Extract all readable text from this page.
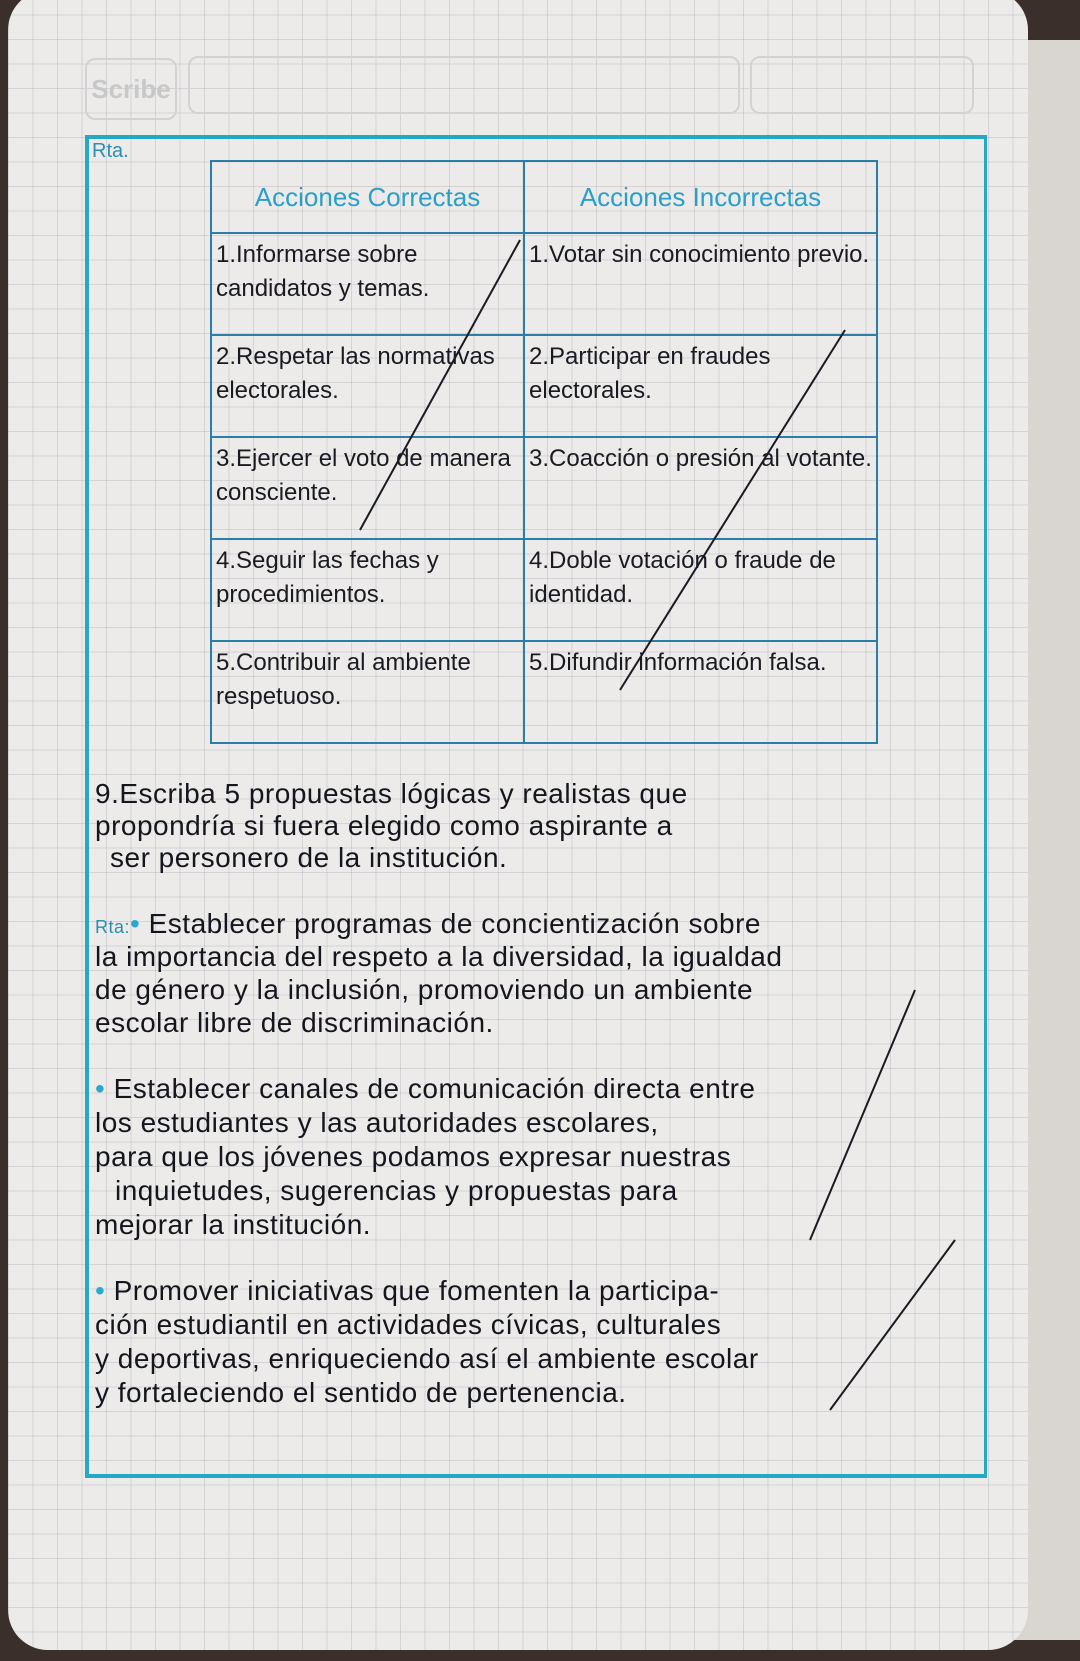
Scribe
Rta.
Acciones Correctas	Acciones Incorrectas
1.Informarse sobre candidatos y temas.	1.Votar sin conocimiento previo.
2.Respetar las normativas electorales.	2.Participar en fraudes electorales.
3.Ejercer el voto de manera consciente.	3.Coacción o presión al votante.
4.Seguir las fechas y procedimientos.	4.Doble votación o fraude de identidad.
5.Contribuir al ambiente respetuoso.	5.Difundir información falsa.
9.Escriba 5 propuestas lógicas y realistas que
propondría si fuera elegido como aspirante a
ser personero de la institución.
Rta:• Establecer programas de concientización sobre
la importancia del respeto a la diversidad, la igualdad
de género y la inclusión, promoviendo un ambiente
escolar libre de discriminación.
• Establecer canales de comunicación directa entre
los estudiantes y las autoridades escolares,
para que los jóvenes podamos expresar nuestras
inquietudes, sugerencias y propuestas para
mejorar la institución.
• Promover iniciativas que fomenten la participa-
ción estudiantil en actividades cívicas, culturales
y deportivas, enriqueciendo así el ambiente escolar
y fortaleciendo el sentido de pertenencia.
